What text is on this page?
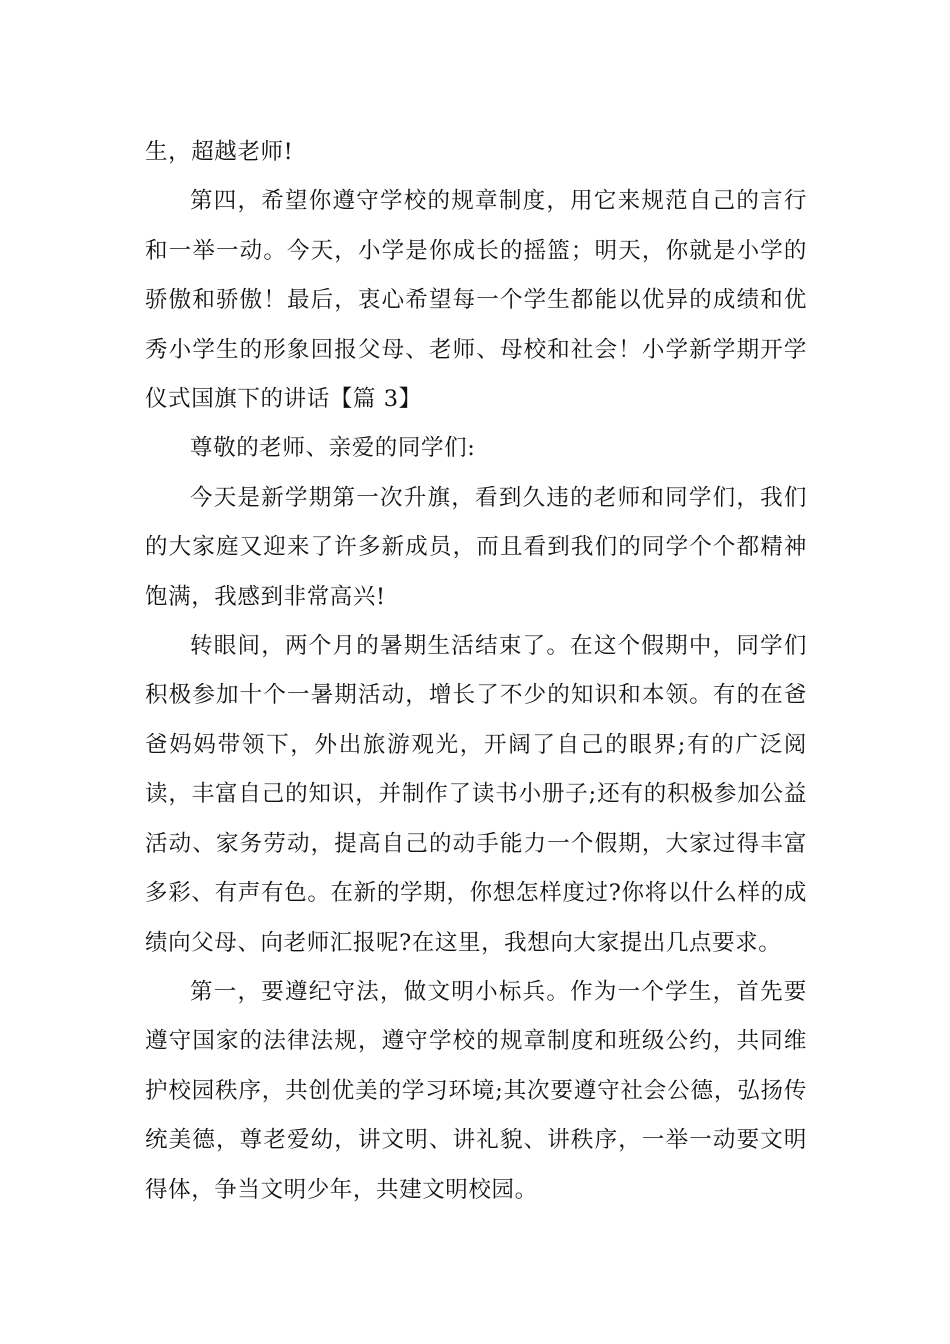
生，超越老师!

第四，希望你遵守学校的规章制度，用它来规范自己的言行和一举一动。今天，小学是你成长的摇篮；明天，你就是小学的骄傲和骄傲！最后，衷心希望每一个学生都能以优异的成绩和优秀小学生的形象回报父母、老师、母校和社会！小学新学期开学仪式国旗下的讲话【篇 3】

尊敬的老师、亲爱的同学们:

今天是新学期第一次升旗，看到久违的老师和同学们，我们的大家庭又迎来了许多新成员，而且看到我们的同学个个都精神饱满，我感到非常高兴!

转眼间，两个月的暑期生活结束了。在这个假期中，同学们积极参加十个一暑期活动，增长了不少的知识和本领。有的在爸爸妈妈带领下，外出旅游观光，开阔了自己的眼界;有的广泛阅读，丰富自己的知识，并制作了读书小册子;还有的积极参加公益活动、家务劳动，提高自己的动手能力一个假期，大家过得丰富多彩、有声有色。在新的学期，你想怎样度过?你将以什么样的成绩向父母、向老师汇报呢?在这里，我想向大家提出几点要求。

第一，要遵纪守法，做文明小标兵。作为一个学生，首先要遵守国家的法律法规，遵守学校的规章制度和班级公约，共同维护校园秩序，共创优美的学习环境;其次要遵守社会公德，弘扬传统美德，尊老爱幼，讲文明、讲礼貌、讲秩序，一举一动要文明得体，争当文明少年，共建文明校园。
